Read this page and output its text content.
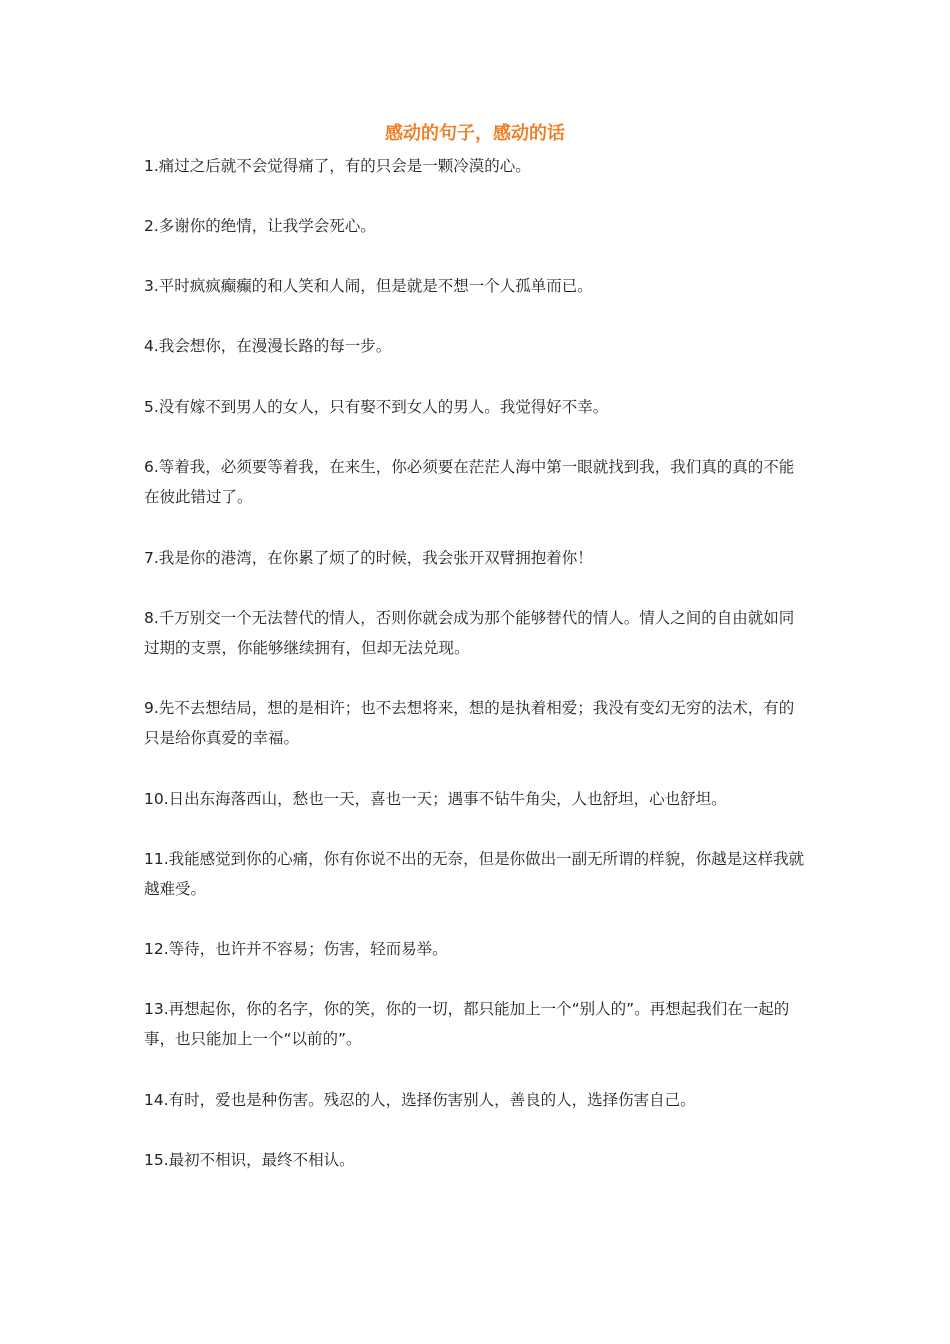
感动的句子，感动的话

1.痛过之后就不会觉得痛了，有的只会是一颗冷漠的心。

2.多谢你的绝情，让我学会死心。

3.平时疯疯癫癫的和人笑和人闹，但是就是不想一个人孤单而已。

4.我会想你，在漫漫长路的每一步。

5.没有嫁不到男人的女人，只有娶不到女人的男人。我觉得好不幸。

6.等着我，必须要等着我，在来生，你必须要在茫茫人海中第一眼就找到我，我们真的真的不能在彼此错过了。

7.我是你的港湾，在你累了烦了的时候，我会张开双臂拥抱着你！

8.千万别交一个无法替代的情人，否则你就会成为那个能够替代的情人。情人之间的自由就如同过期的支票，你能够继续拥有，但却无法兑现。

9.先不去想结局，想的是相许；也不去想将来，想的是执着相爱；我没有变幻无穷的法术，有的只是给你真爱的幸福。

10.日出东海落西山，愁也一天，喜也一天；遇事不钻牛角尖，人也舒坦，心也舒坦。

11.我能感觉到你的心痛，你有你说不出的无奈，但是你做出一副无所谓的样貌，你越是这样我就越难受。

12.等待，也许并不容易；伤害，轻而易举。

13.再想起你，你的名字，你的笑，你的一切，都只能加上一个“别人的”。再想起我们在一起的事，也只能加上一个“以前的”。

14.有时，爱也是种伤害。残忍的人，选择伤害别人，善良的人，选择伤害自己。

15.最初不相识，最终不相认。
